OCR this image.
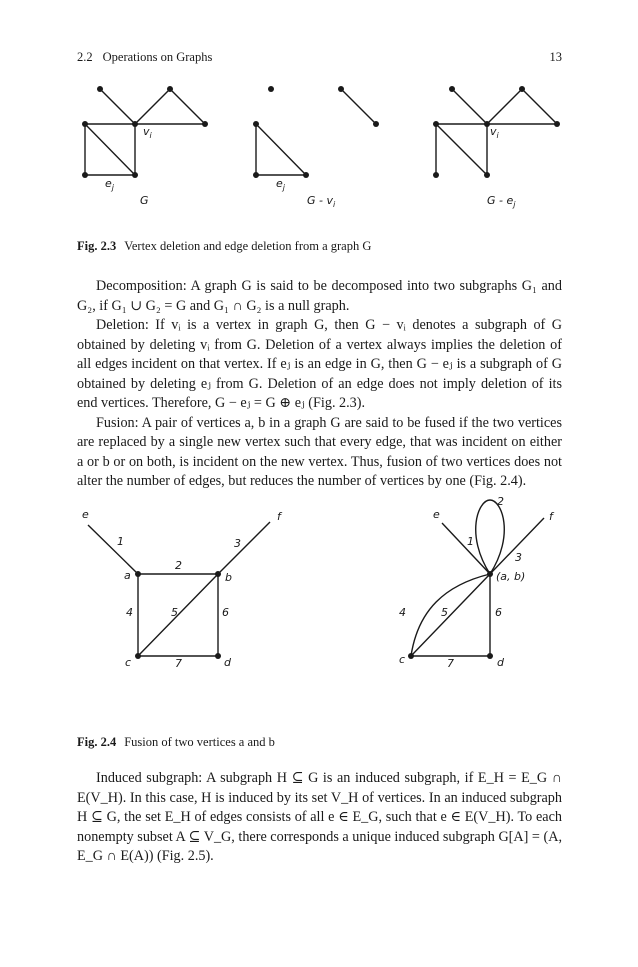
2.2 Operations on Graphs	13
$v_i$
$e_j$	$e_j$
$v_i$
G	G - $v_i$	G - $e_j$
Fig. 2.3 Vertex deletion and edge deletion from a graph G

Decomposition: A graph G is said to be decomposed into two subgraphs G₁ and G₂, if G₁ ∪ G₂ = G and G₁ ∩ G₂ is a null graph.

Deletion: If vᵢ is a vertex in graph G, then G − vᵢ denotes a subgraph of G obtained by deleting vᵢ from G. Deletion of a vertex always implies the deletion of all edges incident on that vertex. If eⱼ is an edge in G, then G − eⱼ is a subgraph of G obtained by deleting eⱼ from G. Deletion of an edge does not imply deletion of its end vertices. Therefore, G − eⱼ = G ⊕ eⱼ (Fig. 2.3).

Fusion: A pair of vertices a, b in a graph G are said to be fused if the two vertices are replaced by a single new vertex such that every edge, that was incident on either a or b or on both, is incident on the new vertex. Thus, fusion of two vertices does not alter the number of edges, but reduces the number of vertices by one (Fig. 2.4).

e	f
a	b
c	d
1
2
3
4	5	6
7
e	f
(a, b)
c	d
1
2
3
4	5	6
7
Fig. 2.4 Fusion of two vertices a and b

Induced subgraph: A subgraph H ⊆ G is an induced subgraph, if E_H = E_G ∩ E(V_H). In this case, H is induced by its set V_H of vertices. In an induced subgraph H ⊆ G, the set E_H of edges consists of all e ∈ E_G, such that e ∈ E(V_H). To each nonempty subset A ⊆ V_G, there corresponds a unique induced subgraph G[A] = (A, E_G ∩ E(A)) (Fig. 2.5).
